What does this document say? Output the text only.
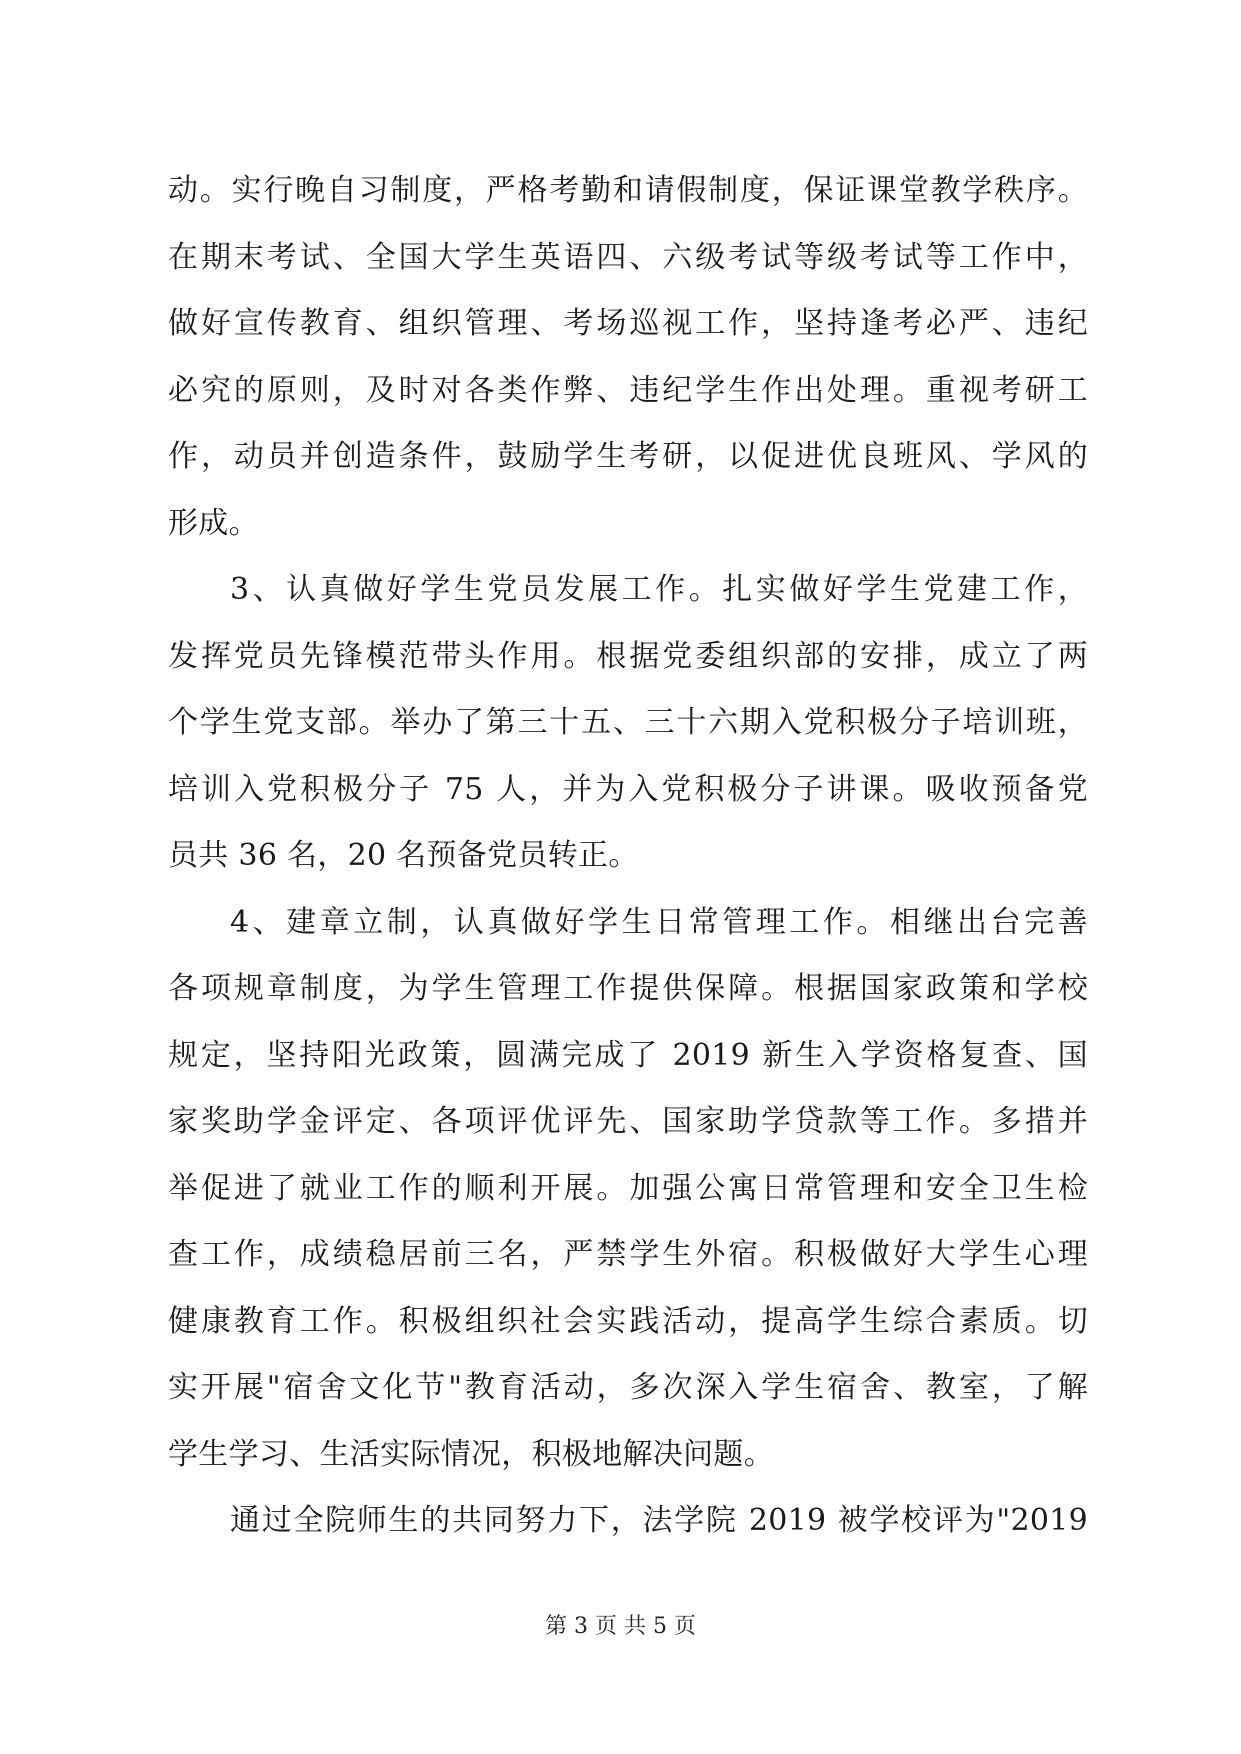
动。实行晚自习制度，严格考勤和请假制度，保证课堂教学秩序。
在期末考试、全国大学生英语四、六级考试等级考试等工作中，
做好宣传教育、组织管理、考场巡视工作，坚持逢考必严、违纪
必究的原则，及时对各类作弊、违纪学生作出处理。重视考研工
作，动员并创造条件，鼓励学生考研，以促进优良班风、学风的
形成。
3、认真做好学生党员发展工作。扎实做好学生党建工作，
发挥党员先锋模范带头作用。根据党委组织部的安排，成立了两
个学生党支部。举办了第三十五、三十六期入党积极分子培训班，
培训入党积极分子 75 人，并为入党积极分子讲课。吸收预备党
员共 36 名，20 名预备党员转正。
4、建章立制，认真做好学生日常管理工作。相继出台完善
各项规章制度，为学生管理工作提供保障。根据国家政策和学校
规定，坚持阳光政策，圆满完成了 2019 新生入学资格复查、国
家奖助学金评定、各项评优评先、国家助学贷款等工作。多措并
举促进了就业工作的顺利开展。加强公寓日常管理和安全卫生检
查工作，成绩稳居前三名，严禁学生外宿。积极做好大学生心理
健康教育工作。积极组织社会实践活动，提高学生综合素质。切
实开展"宿舍文化节"教育活动，多次深入学生宿舍、教室，了解
学生学习、生活实际情况，积极地解决问题。
通过全院师生的共同努力下，法学院 2019 被学校评为"2019
第 3 页 共 5 页
